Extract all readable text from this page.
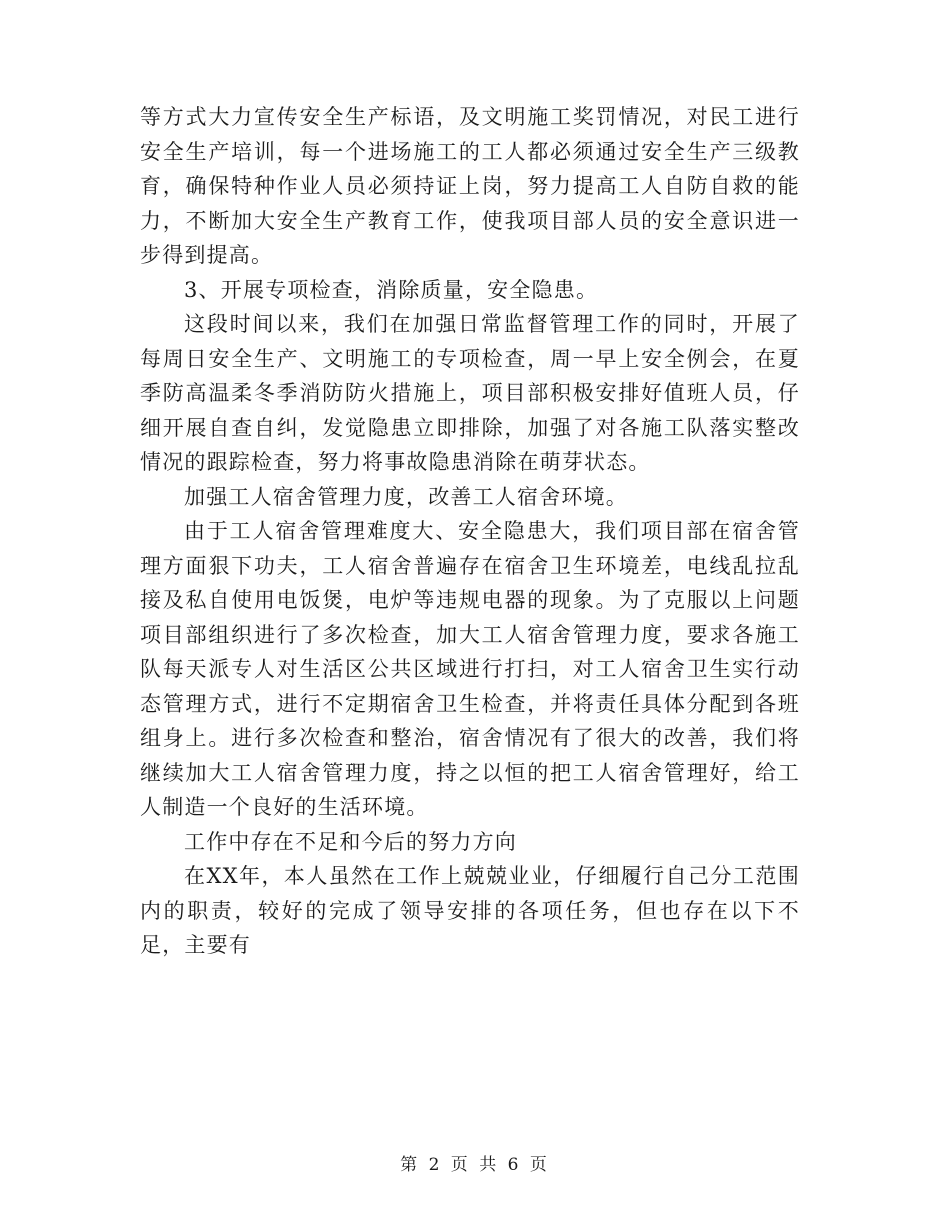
等方式大力宣传安全生产标语，及文明施工奖罚情况，对民工进行安全生产培训，每一个进场施工的工人都必须通过安全生产三级教育，确保特种作业人员必须持证上岗，努力提高工人自防自救的能力，不断加大安全生产教育工作，使我项目部人员的安全意识进一步得到提高。

3、开展专项检查，消除质量，安全隐患。

这段时间以来，我们在加强日常监督管理工作的同时，开展了每周日安全生产、文明施工的专项检查，周一早上安全例会，在夏季防高温柔冬季消防防火措施上，项目部积极安排好值班人员，仔细开展自查自纠，发觉隐患立即排除，加强了对各施工队落实整改情况的跟踪检查，努力将事故隐患消除在萌芽状态。

加强工人宿舍管理力度，改善工人宿舍环境。

由于工人宿舍管理难度大、安全隐患大，我们项目部在宿舍管理方面狠下功夫，工人宿舍普遍存在宿舍卫生环境差，电线乱拉乱接及私自使用电饭煲，电炉等违规电器的现象。为了克服以上问题项目部组织进行了多次检查，加大工人宿舍管理力度，要求各施工队每天派专人对生活区公共区域进行打扫，对工人宿舍卫生实行动态管理方式，进行不定期宿舍卫生检查，并将责任具体分配到各班组身上。进行多次检查和整治，宿舍情况有了很大的改善，我们将继续加大工人宿舍管理力度，持之以恒的把工人宿舍管理好，给工人制造一个良好的生活环境。

工作中存在不足和今后的努力方向

在XX年，本人虽然在工作上兢兢业业，仔细履行自己分工范围内的职责，较好的完成了领导安排的各项任务，但也存在以下不足，主要有

第 2 页 共 6 页
